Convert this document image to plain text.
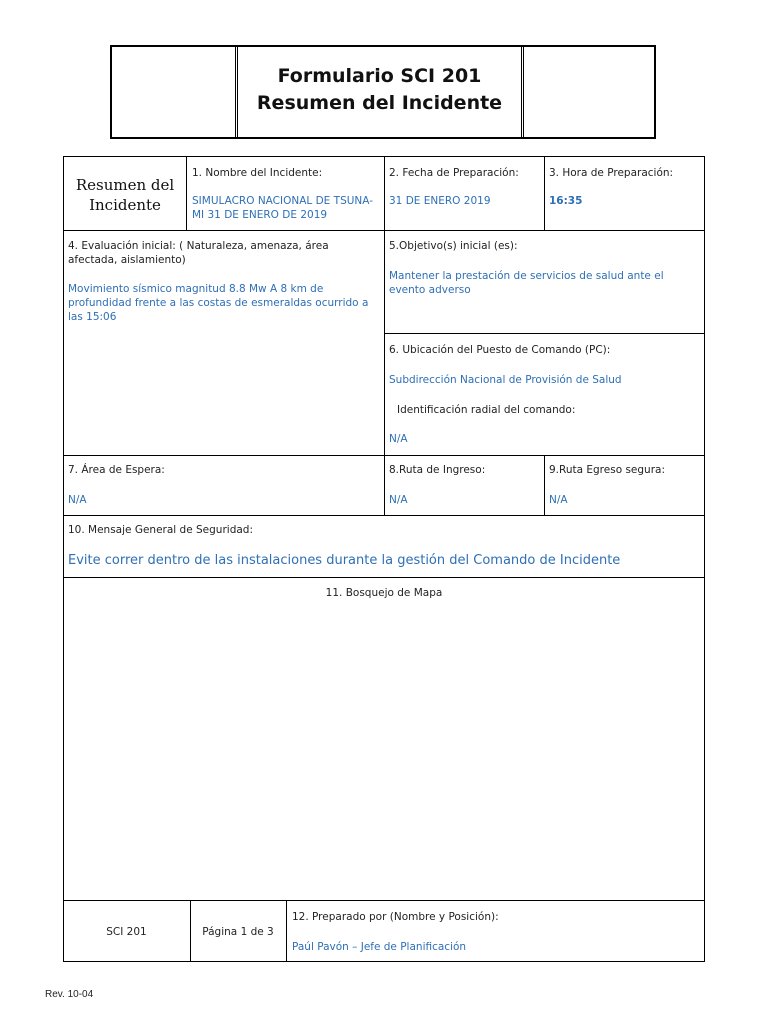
Formulario SCI 201
Resumen del Incidente
Resumen del Incidente
1. Nombre del Incidente:
SIMULACRO NACIONAL DE TSUNA-MI 31 DE ENERO DE 2019
2. Fecha de Preparación:
31 DE ENERO 2019
3. Hora de Preparación:
16:35
4. Evaluación inicial: ( Naturaleza, amenaza, área afectada, aislamiento)
Movimiento sísmico magnitud 8.8 Mw A 8 km de profundidad frente a las costas de esmeraldas ocurrido a las 15:06
5.Objetivo(s) inicial (es):
Mantener la prestación de servicios de salud ante el evento adverso
6. Ubicación del Puesto de Comando (PC):
Subdirección Nacional de Provisión de Salud
Identificación radial del comando:
N/A
7. Área de Espera:
N/A
8.Ruta de Ingreso:
N/A
9.Ruta Egreso segura:
N/A
10. Mensaje General de Seguridad:
Evite correr dentro de las instalaciones durante la gestión del Comando de Incidente
11. Bosquejo de Mapa
SCI 201	Página 1 de 3
12. Preparado por (Nombre y Posición):
Paúl Pavón – Jefe de Planificación
Rev. 10-04
